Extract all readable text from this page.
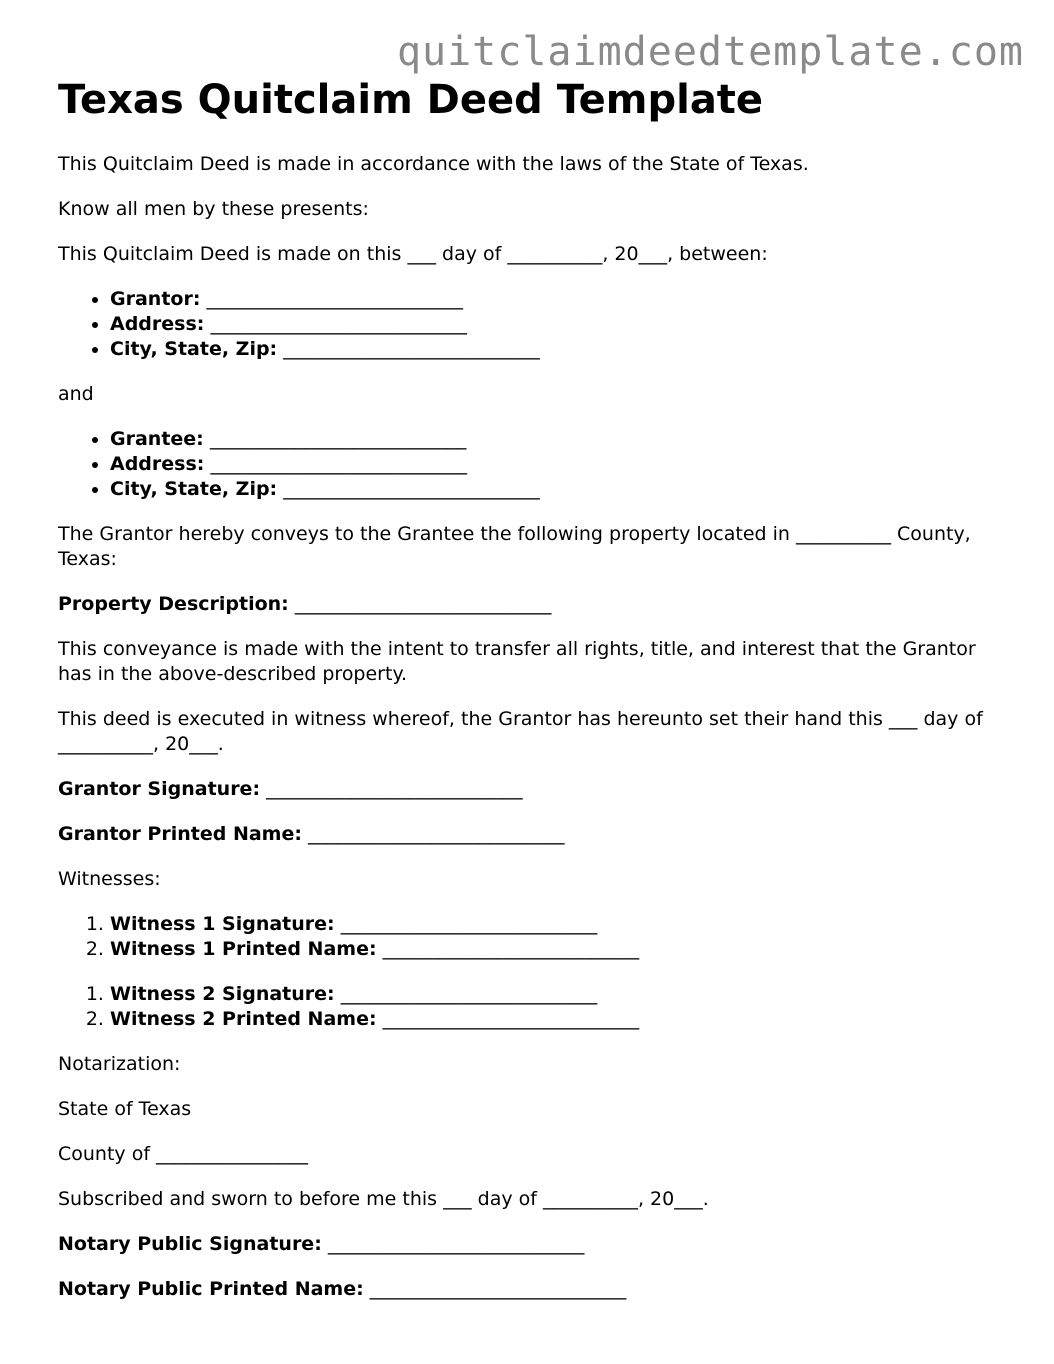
quitclaimdeedtemplate.com
Texas Quitclaim Deed Template

This Quitclaim Deed is made in accordance with the laws of the State of Texas.

Know all men by these presents:

This Quitclaim Deed is made on this ___ day of __________, 20___, between:

• Grantor: ___________________________
• Address: ___________________________
• City, State, Zip: ___________________________

and

• Grantee: ___________________________
• Address: ___________________________
• City, State, Zip: ___________________________

The Grantor hereby conveys to the Grantee the following property located in __________ County, Texas:

Property Description: ___________________________

This conveyance is made with the intent to transfer all rights, title, and interest that the Grantor has in the above-described property.

This deed is executed in witness whereof, the Grantor has hereunto set their hand this ___ day of __________, 20___.

Grantor Signature: ___________________________

Grantor Printed Name: ___________________________

Witnesses:

1. Witness 1 Signature: ___________________________
2. Witness 1 Printed Name: ___________________________
1. Witness 2 Signature: ___________________________
2. Witness 2 Printed Name: ___________________________

Notarization:

State of Texas

County of ________________

Subscribed and sworn to before me this ___ day of __________, 20___.

Notary Public Signature: ___________________________

Notary Public Printed Name: ___________________________
